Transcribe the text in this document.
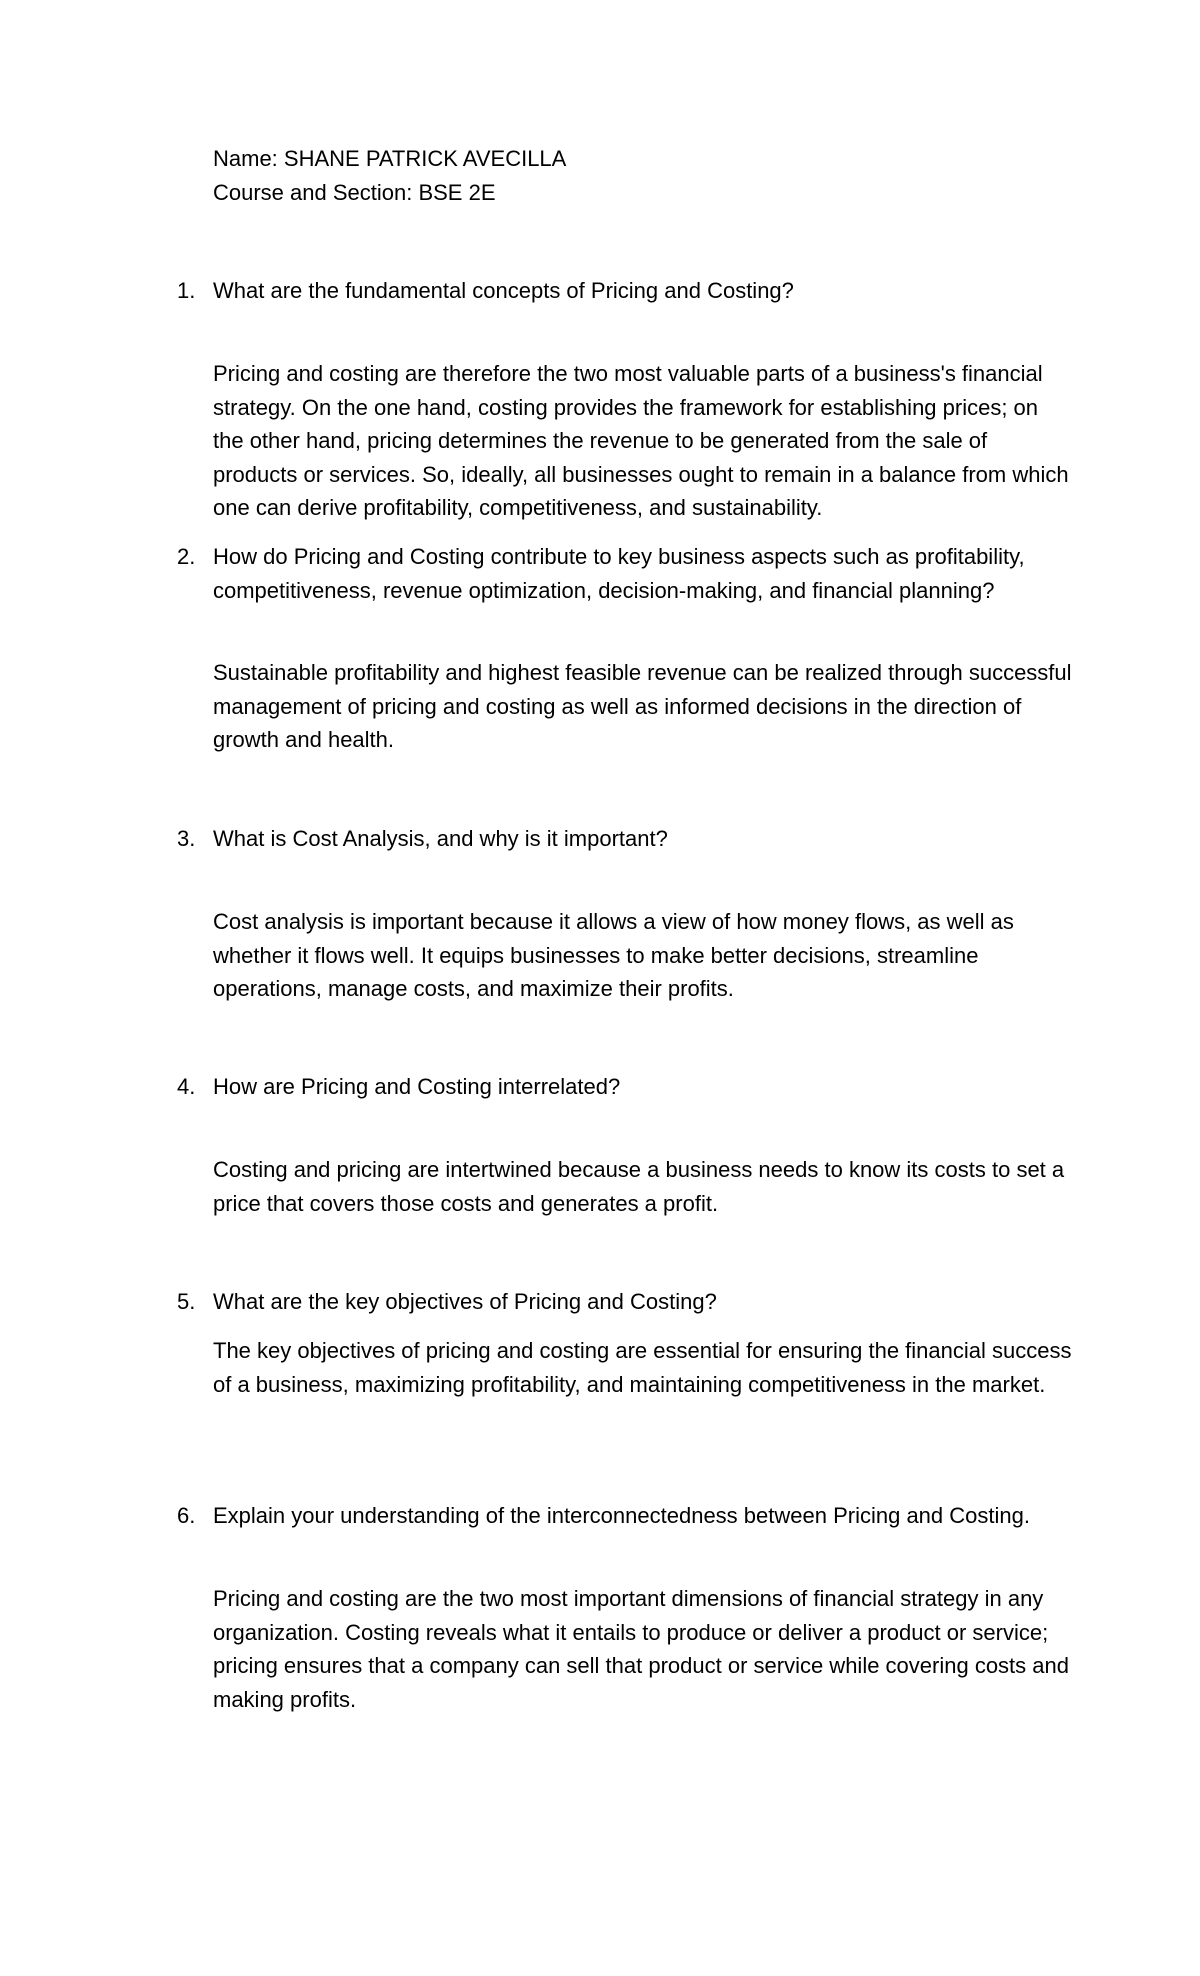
Name: SHANE PATRICK AVECILLA
Course and Section: BSE 2E
1. What are the fundamental concepts of Pricing and Costing?
Pricing and costing are therefore the two most valuable parts of a business's financial strategy. On the one hand, costing provides the framework for establishing prices; on the other hand, pricing determines the revenue to be generated from the sale of products or services. So, ideally, all businesses ought to remain in a balance from which one can derive profitability, competitiveness, and sustainability.
2. How do Pricing and Costing contribute to key business aspects such as profitability, competitiveness, revenue optimization, decision-making, and financial planning?
Sustainable profitability and highest feasible revenue can be realized through successful management of pricing and costing as well as informed decisions in the direction of growth and health.
3. What is Cost Analysis, and why is it important?
Cost analysis is important because it allows a view of how money flows, as well as whether it flows well. It equips businesses to make better decisions, streamline operations, manage costs, and maximize their profits.
4. How are Pricing and Costing interrelated?
Costing and pricing are intertwined because a business needs to know its costs to set a price that covers those costs and generates a profit.
5. What are the key objectives of Pricing and Costing?
The key objectives of pricing and costing are essential for ensuring the financial success of a business, maximizing profitability, and maintaining competitiveness in the market.
6. Explain your understanding of the interconnectedness between Pricing and Costing.
Pricing and costing are the two most important dimensions of financial strategy in any organization. Costing reveals what it entails to produce or deliver a product or service; pricing ensures that a company can sell that product or service while covering costs and making profits.
